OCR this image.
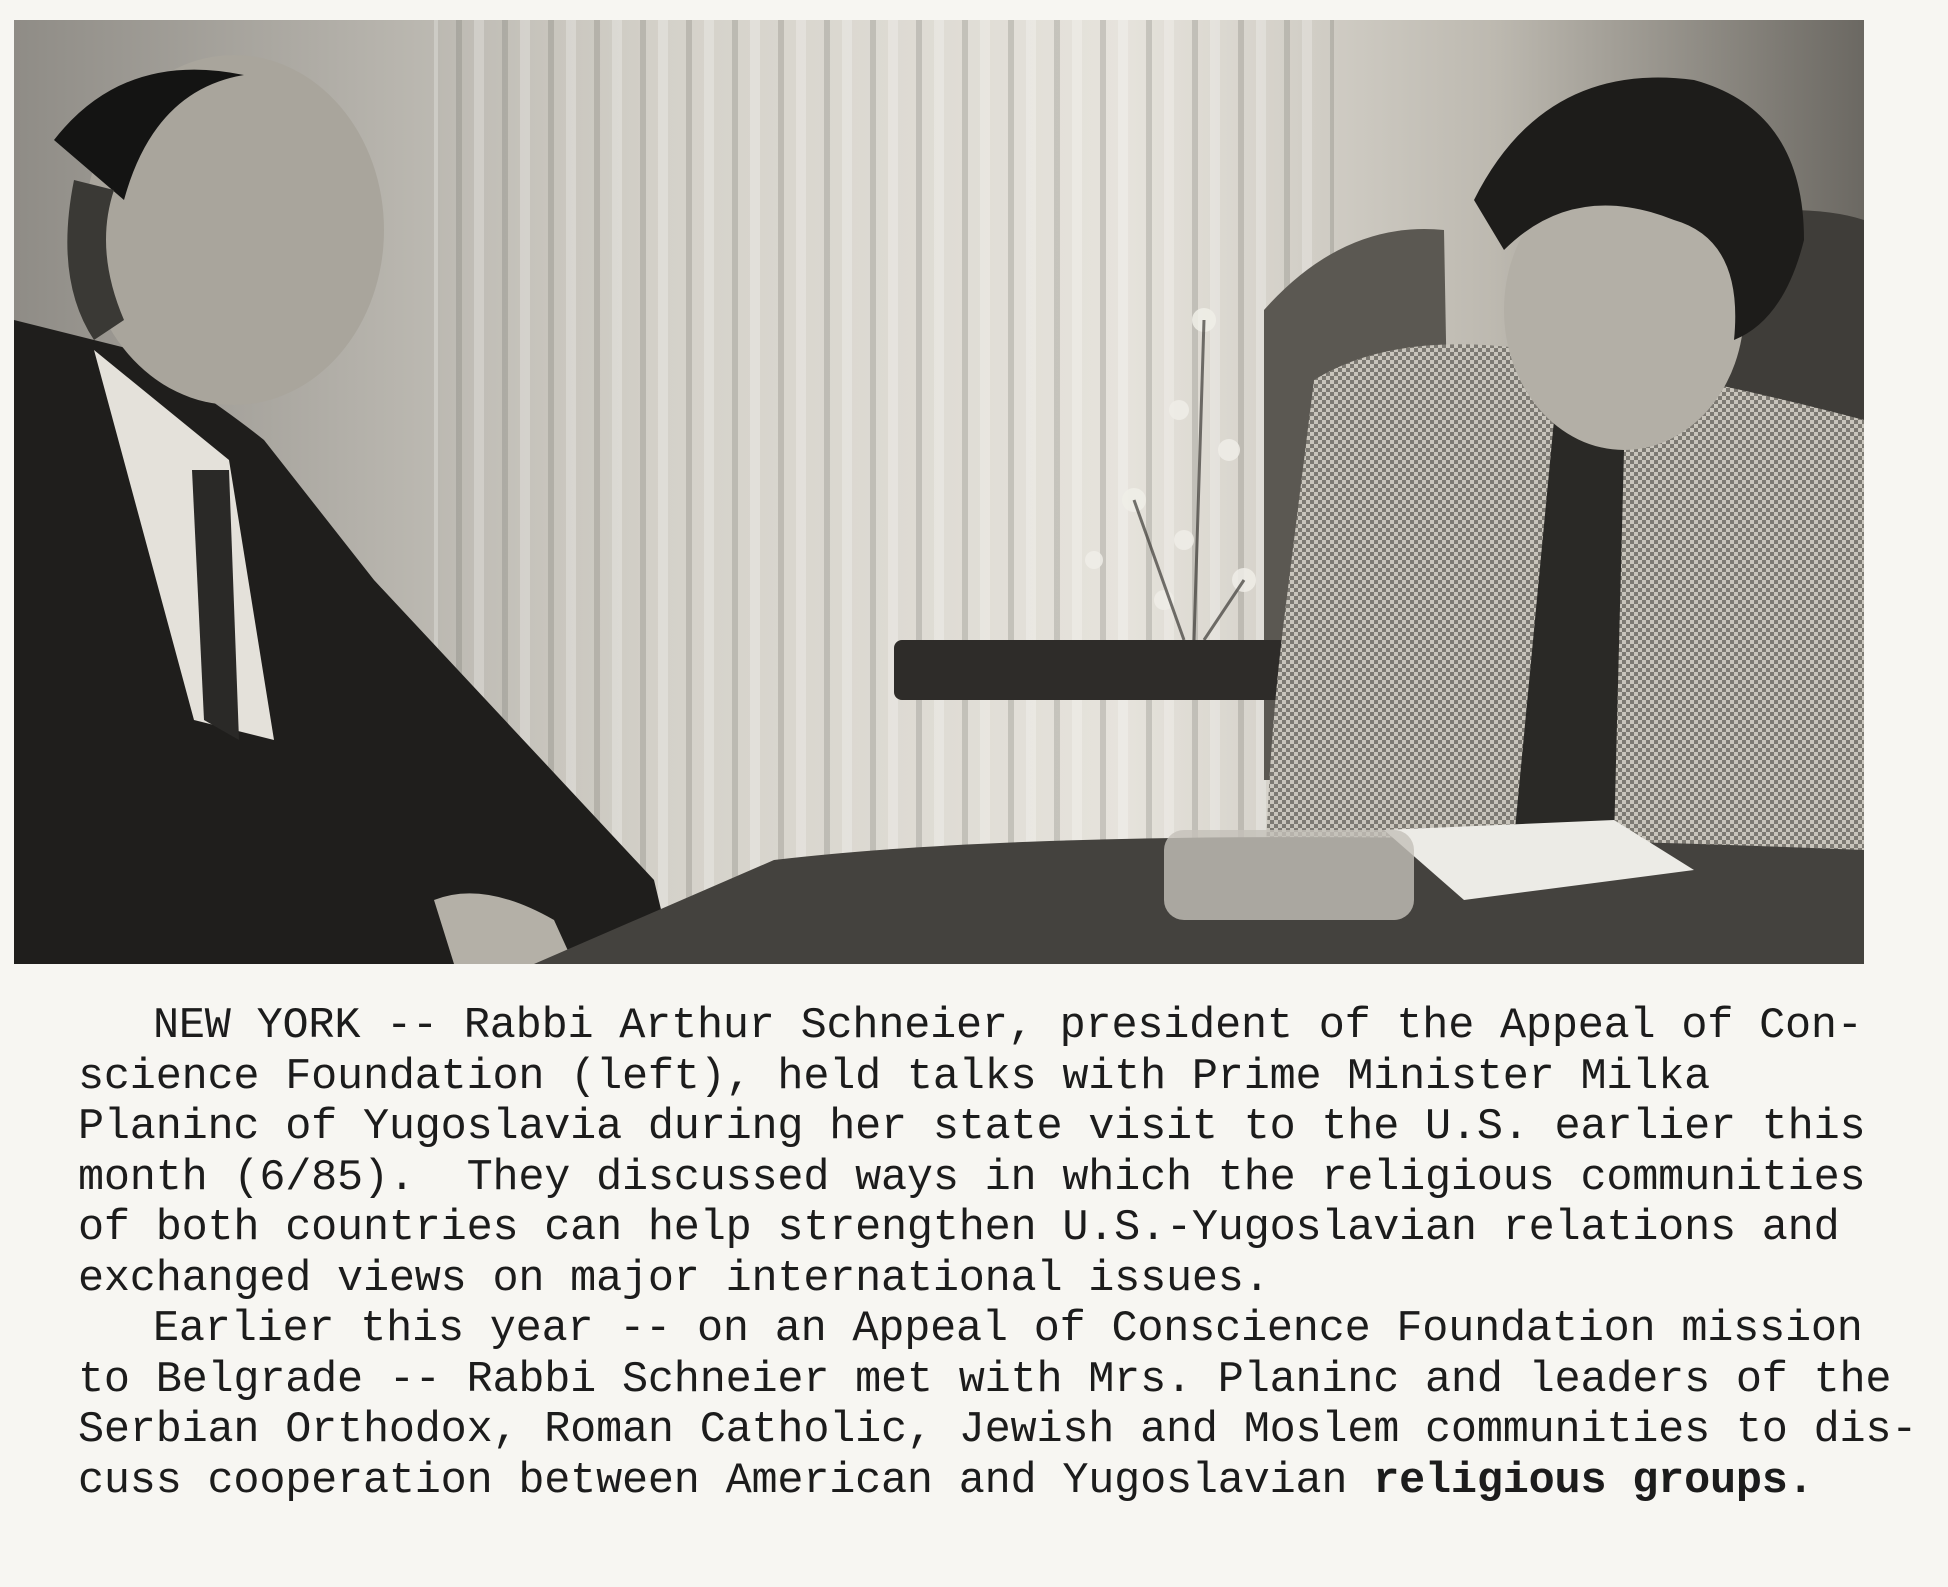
NEW YORK -- Rabbi Arthur Schneier, president of the Appeal of Con-
science Foundation (left), held talks with Prime Minister Milka
Planinc of Yugoslavia during her state visit to the U.S. earlier this
month (6/85).  They discussed ways in which the religious communities
of both countries can help strengthen U.S.-Yugoslavian relations and
exchanged views on major international issues.
Earlier this year -- on an Appeal of Conscience Foundation mission
to Belgrade -- Rabbi Schneier met with Mrs. Planinc and leaders of the
Serbian Orthodox, Roman Catholic, Jewish and Moslem communities to dis-
cuss cooperation between American and Yugoslavian religious groups.
